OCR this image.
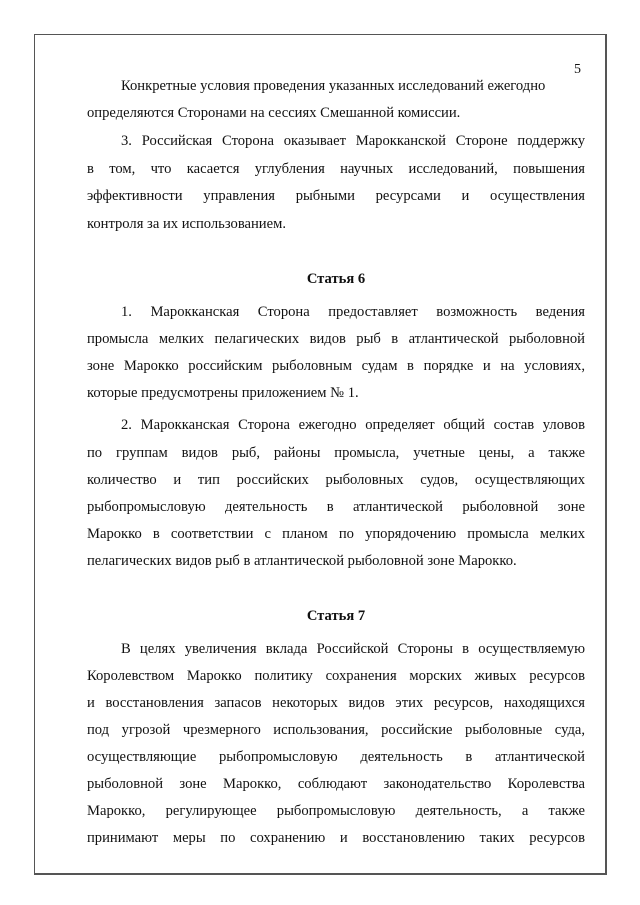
5
Конкретные условия проведения указанных исследований ежегодно
определяются Сторонами на сессиях Смешанной комиссии.
3. Российская Сторона оказывает Марокканской Стороне поддержку
в том, что касается углубления научных исследований, повышения
эффективности управления рыбными ресурсами и осуществления
контроля за их использованием.
Статья 6
1. Марокканская Сторона предоставляет возможность ведения
промысла мелких пелагических видов рыб в атлантической рыболовной
зоне Марокко российским рыболовным судам в порядке и на условиях,
которые предусмотрены приложением № 1.
2. Марокканская Сторона ежегодно определяет общий состав уловов
по группам видов рыб, районы промысла, учетные цены, а также
количество и тип российских рыболовных судов, осуществляющих
рыбопромысловую деятельность в атлантической рыболовной зоне
Марокко в соответствии с планом по упорядочению промысла мелких
пелагических видов рыб в атлантической рыболовной зоне Марокко.
Статья 7
В целях увеличения вклада Российской Стороны в осуществляемую
Королевством Марокко политику сохранения морских живых ресурсов
и восстановления запасов некоторых видов этих ресурсов, находящихся
под угрозой чрезмерного использования, российские рыболовные суда,
осуществляющие рыбопромысловую деятельность в атлантической
рыболовной зоне Марокко, соблюдают законодательство Королевства
Марокко, регулирующее рыбопромысловую деятельность, а также
принимают меры по сохранению и восстановлению таких ресурсов
